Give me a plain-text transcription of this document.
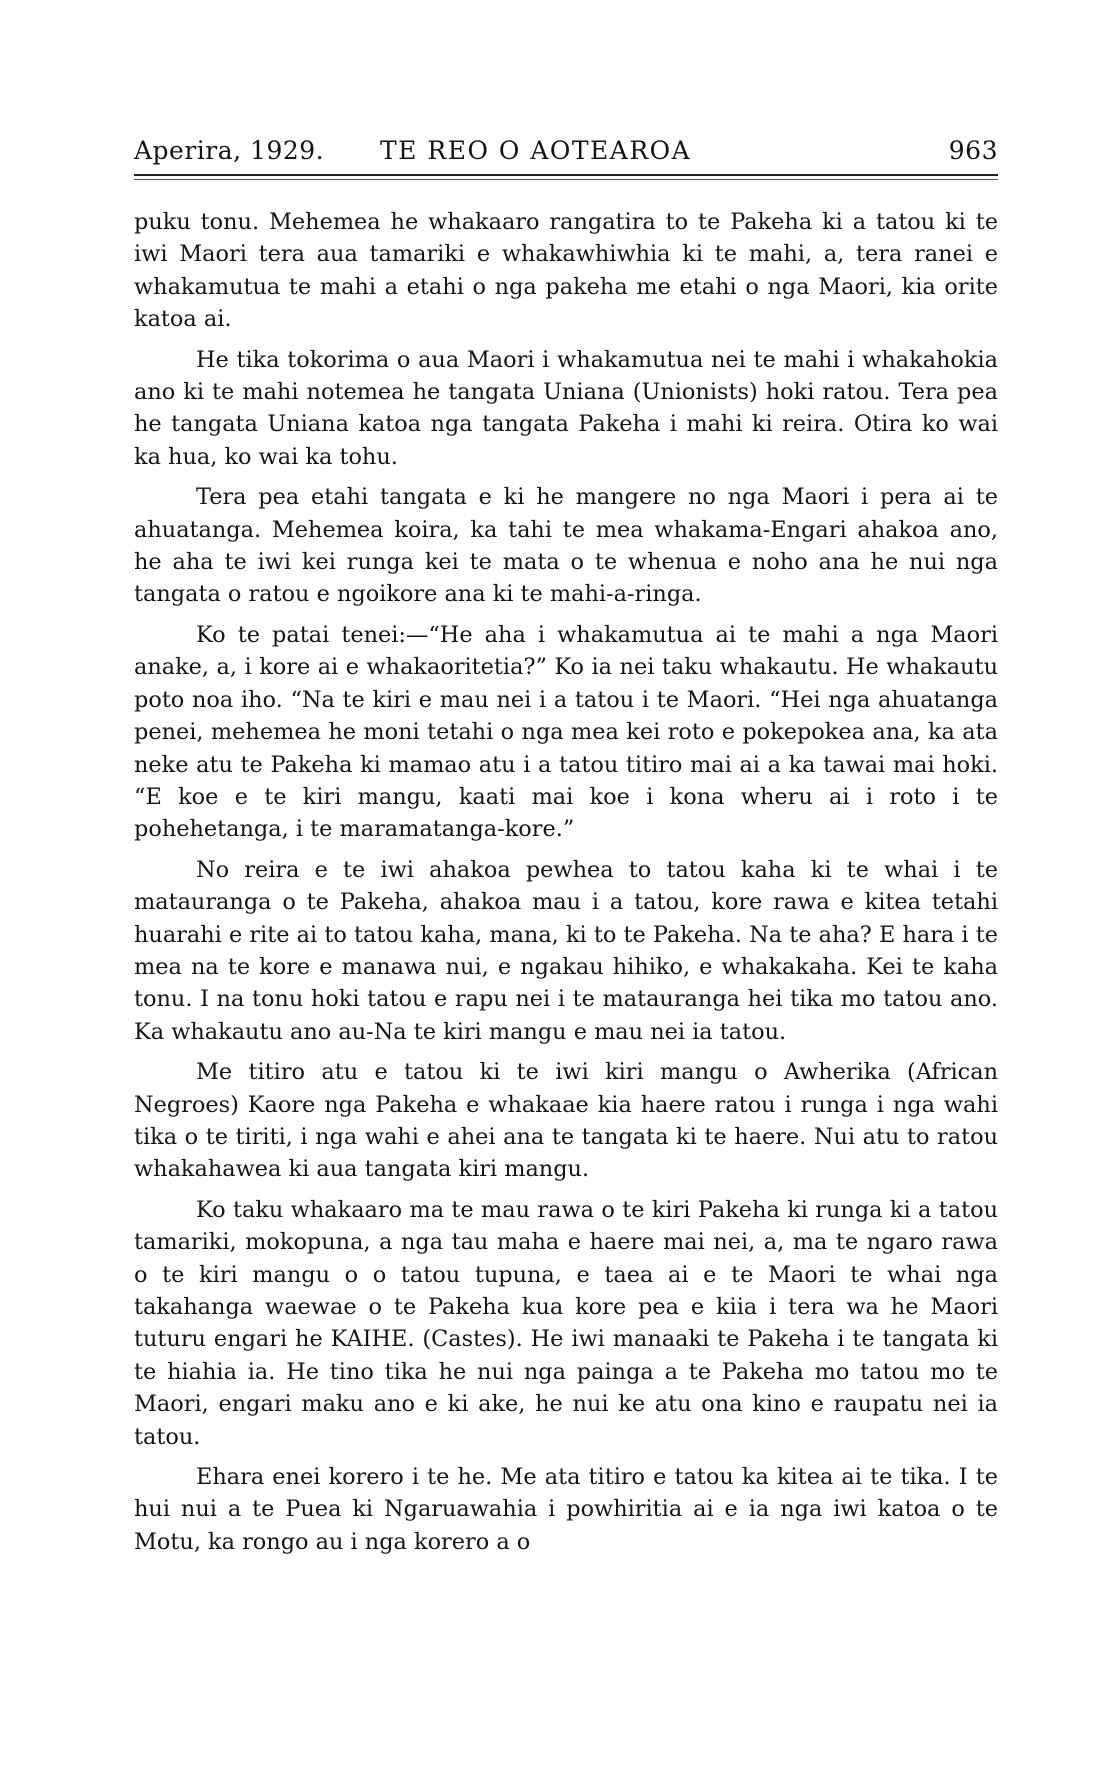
Aperira, 1929. TE REO O AOTEAROA	963

puku tonu. Mehemea he whakaaro rangatira to te Pakeha ki a tatou ki te iwi Maori tera aua tamariki e whakawhiwhia ki te mahi, a, tera ranei e whakamutua te mahi a etahi o nga pakeha me etahi o nga Maori, kia orite katoa ai.

He tika tokorima o aua Maori i whakamutua nei te mahi i whakahokia ano ki te mahi notemea he tangata Uniana (Unionists) hoki ratou. Tera pea he tangata Uniana katoa nga tangata Pakeha i mahi ki reira. Otira ko wai ka hua, ko wai ka tohu.

Tera pea etahi tangata e ki he mangere no nga Maori i pera ai te ahuatanga. Mehemea koira, ka tahi te mea whakama-Engari ahakoa ano, he aha te iwi kei runga kei te mata o te whenua e noho ana he nui nga tangata o ratou e ngoikore ana ki te mahi-a-ringa.

Ko te patai tenei:—“He aha i whakamutua ai te mahi a nga Maori anake, a, i kore ai e whakaoritetia?” Ko ia nei taku whakautu. He whakautu poto noa iho. “Na te kiri e mau nei i a tatou i te Maori. “Hei nga ahuatanga penei, mehemea he moni tetahi o nga mea kei roto e pokepokea ana, ka ata neke atu te Pakeha ki mamao atu i a tatou titiro mai ai a ka tawai mai hoki. “E koe e te kiri mangu, kaati mai koe i kona wheru ai i roto i te pohehetanga, i te maramatanga-kore.”

No reira e te iwi ahakoa pewhea to tatou kaha ki te whai i te matauranga o te Pakeha, ahakoa mau i a tatou, kore rawa e kitea tetahi huarahi e rite ai to tatou kaha, mana, ki to te Pakeha. Na te aha? E hara i te mea na te kore e manawa nui, e ngakau hihiko, e whakakaha. Kei te kaha tonu. I na tonu hoki tatou e rapu nei i te matauranga hei tika mo tatou ano. Ka whakautu ano au-Na te kiri mangu e mau nei ia tatou.

Me titiro atu e tatou ki te iwi kiri mangu o Awherika (African Negroes) Kaore nga Pakeha e whakaae kia haere ratou i runga i nga wahi tika o te tiriti, i nga wahi e ahei ana te tangata ki te haere. Nui atu to ratou whakahawea ki aua tangata kiri mangu.

Ko taku whakaaro ma te mau rawa o te kiri Pakeha ki runga ki a tatou tamariki, mokopuna, a nga tau maha e haere mai nei, a, ma te ngaro rawa o te kiri mangu o o tatou tupuna, e taea ai e te Maori te whai nga takahanga waewae o te Pakeha kua kore pea e kiia i tera wa he Maori tuturu engari he KAIHE. (Castes). He iwi manaaki te Pakeha i te tangata ki te hiahia ia. He tino tika he nui nga painga a te Pakeha mo tatou mo te Maori, engari maku ano e ki ake, he nui ke atu ona kino e raupatu nei ia tatou.

Ehara enei korero i te he. Me ata titiro e tatou ka kitea ai te tika. I te hui nui a te Puea ki Ngaruawahia i powhiritia ai e ia nga iwi katoa o te Motu, ka rongo au i nga korero a o
